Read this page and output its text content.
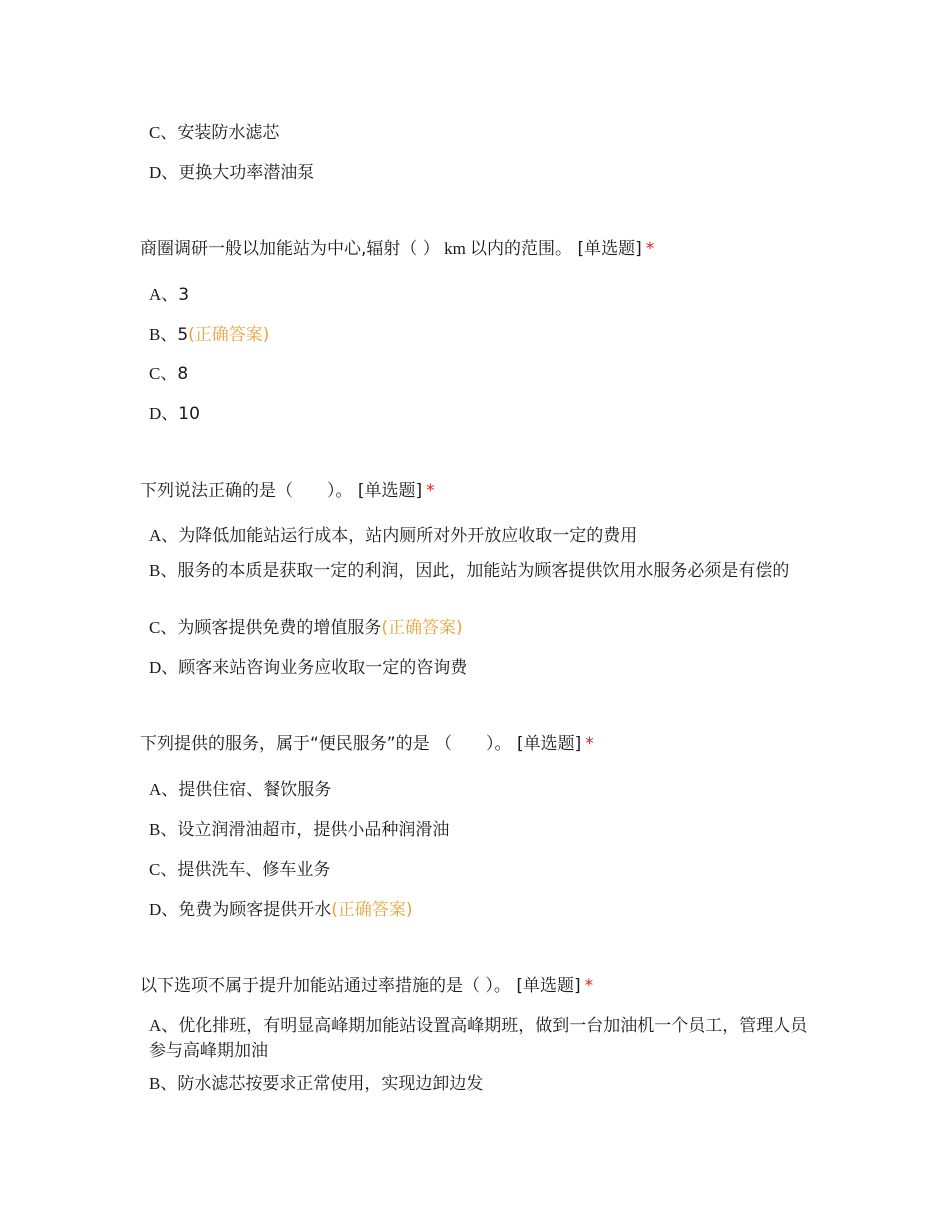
C、安装防水滤芯
D、更换大功率潜油泵
商圈调研一般以加能站为中心,辐射（ ） km 以内的范围。 [单选题] *
A、3
B、5(正确答案)
C、8
D、10
下列说法正确的是（　　）。 [单选题] *
A、为降低加能站运行成本，站内厕所对外开放应收取一定的费用
B、服务的本质是获取一定的利润，因此，加能站为顾客提供饮用水服务必须是有偿的
C、为顾客提供免费的增值服务(正确答案)
D、顾客来站咨询业务应收取一定的咨询费
下列提供的服务，属于“便民服务”的是 （　　）。 [单选题] *
A、提供住宿、餐饮服务
B、设立润滑油超市，提供小品种润滑油
C、提供洗车、修车业务
D、免费为顾客提供开水(正确答案)
以下选项不属于提升加能站通过率措施的是（ ）。 [单选题] *
A、优化排班，有明显高峰期加能站设置高峰期班，做到一台加油机一个员工，管理人员参与高峰期加油
B、防水滤芯按要求正常使用，实现边卸边发
